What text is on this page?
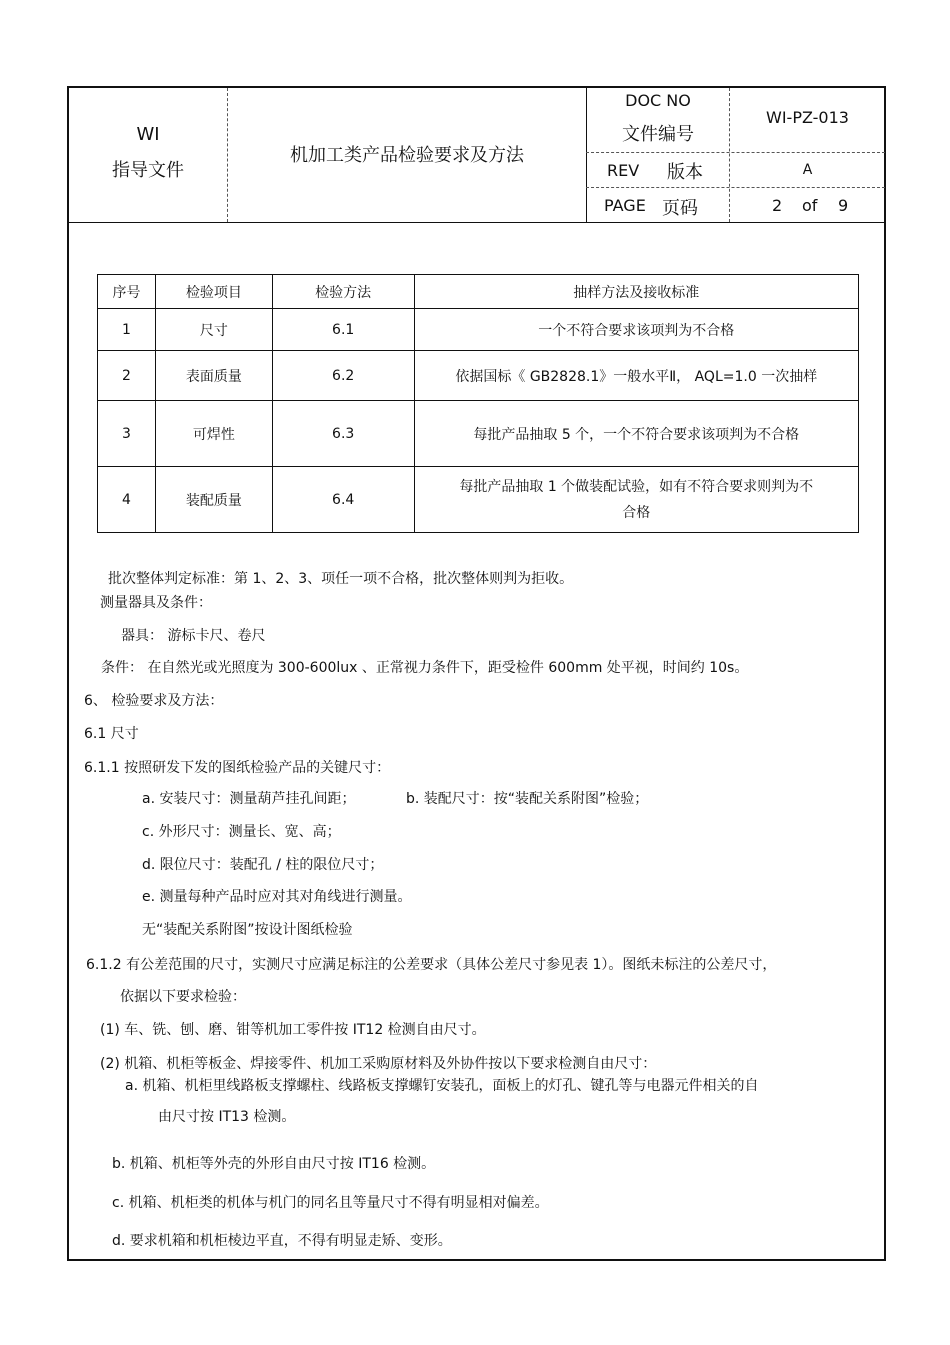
WI
指导文件
机加工类产品检验要求及方法
DOC NO
文件编号
WI-PZ-013
REV 版本	A
PAGE 页码	2 of 9
序号	检验项目	检验方法	抽样方法及接收标准
1	尺寸	6.1	一个不符合要求该项判为不合格
2	表面质量	6.2	依据国标《 GB2828.1》一般水平Ⅱ， AQL=1.0 一次抽样
3	可焊性	6.3	每批产品抽取 5 个，一个不符合要求该项判为不合格
4	装配质量	6.4	每批产品抽取 1 个做装配试验，如有不符合要求则判为不
合格
批次整体判定标准：第 1、2、3、项任一项不合格，批次整体则判为拒收。
测量器具及条件：
器具： 游标卡尺、卷尺
条件： 在自然光或光照度为 300-600lux 、正常视力条件下，距受检件 600mm 处平视，时间约 10s。
6、 检验要求及方法：
6.1 尺寸
6.1.1 按照研发下发的图纸检验产品的关键尺寸：
a. 安装尺寸：测量葫芦挂孔间距；	b. 装配尺寸：按“装配关系附图”检验；
c. 外形尺寸：测量长、宽、高；
d. 限位尺寸：装配孔 / 柱的限位尺寸；
e. 测量每种产品时应对其对角线进行测量。
无“装配关系附图”按设计图纸检验
6.1.2 有公差范围的尺寸，实测尺寸应满足标注的公差要求（具体公差尺寸参见表 1）。图纸未标注的公差尺寸，
依据以下要求检验：
(1) 车、铣、刨、磨、钳等机加工零件按 IT12 检测自由尺寸。
(2) 机箱、机柜等板金、焊接零件、机加工采购原材料及外协件按以下要求检测自由尺寸：
a. 机箱、机柜里线路板支撑螺柱、线路板支撑螺钉安装孔，面板上的灯孔、键孔等与电器元件相关的自
由尺寸按 IT13 检测。
b. 机箱、机柜等外壳的外形自由尺寸按 IT16 检测。
c. 机箱、机柜类的机体与机门的同名且等量尺寸不得有明显相对偏差。
d. 要求机箱和机柜棱边平直，不得有明显走矫、变形。
